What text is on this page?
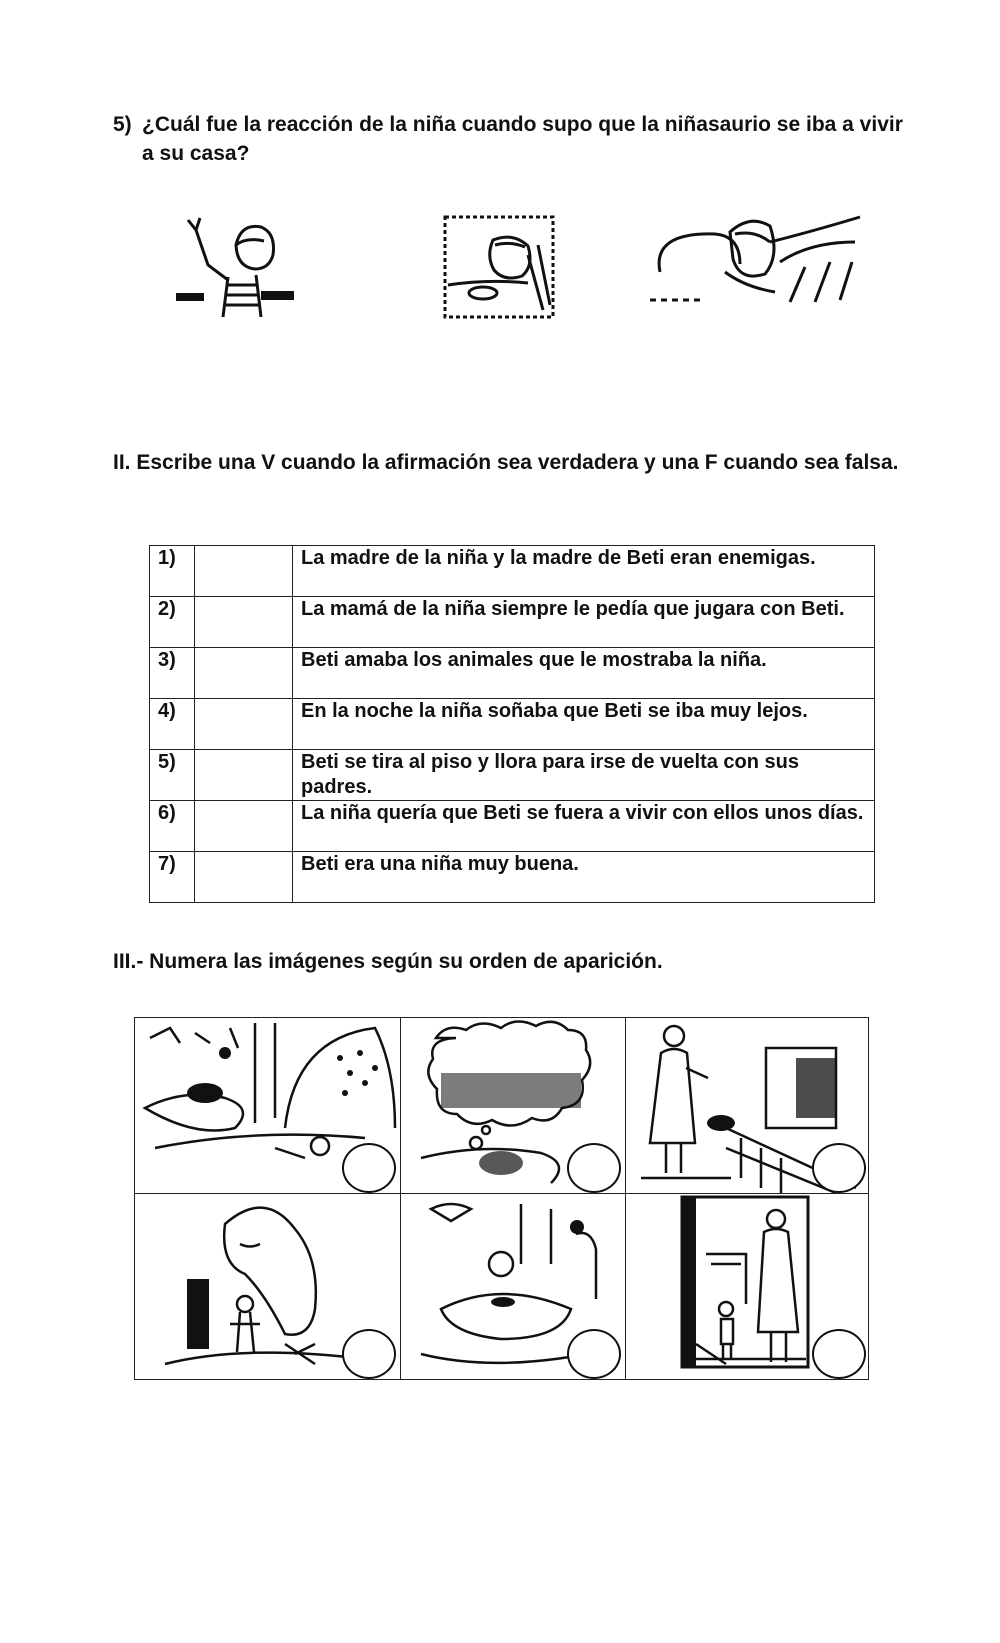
5) ¿Cuál fue la reacción de la niña cuando supo que la niñasaurio se iba a vivir a su casa?
II. Escribe una V cuando la afirmación sea verdadera y una F cuando sea falsa.
1)		La madre de la niña y la madre de Beti eran enemigas.
2)		La mamá de la niña siempre le pedía que jugara con Beti.
3)		Beti amaba los animales que le mostraba la niña.
4)		En la noche la niña soñaba que Beti se iba muy lejos.
5)		Beti se tira al piso y llora para irse de vuelta con sus padres.
6)		La niña quería que Beti se fuera a vivir con ellos unos días.
7)		Beti era una niña muy buena.
III.- Numera las imágenes según su orden de aparición.
